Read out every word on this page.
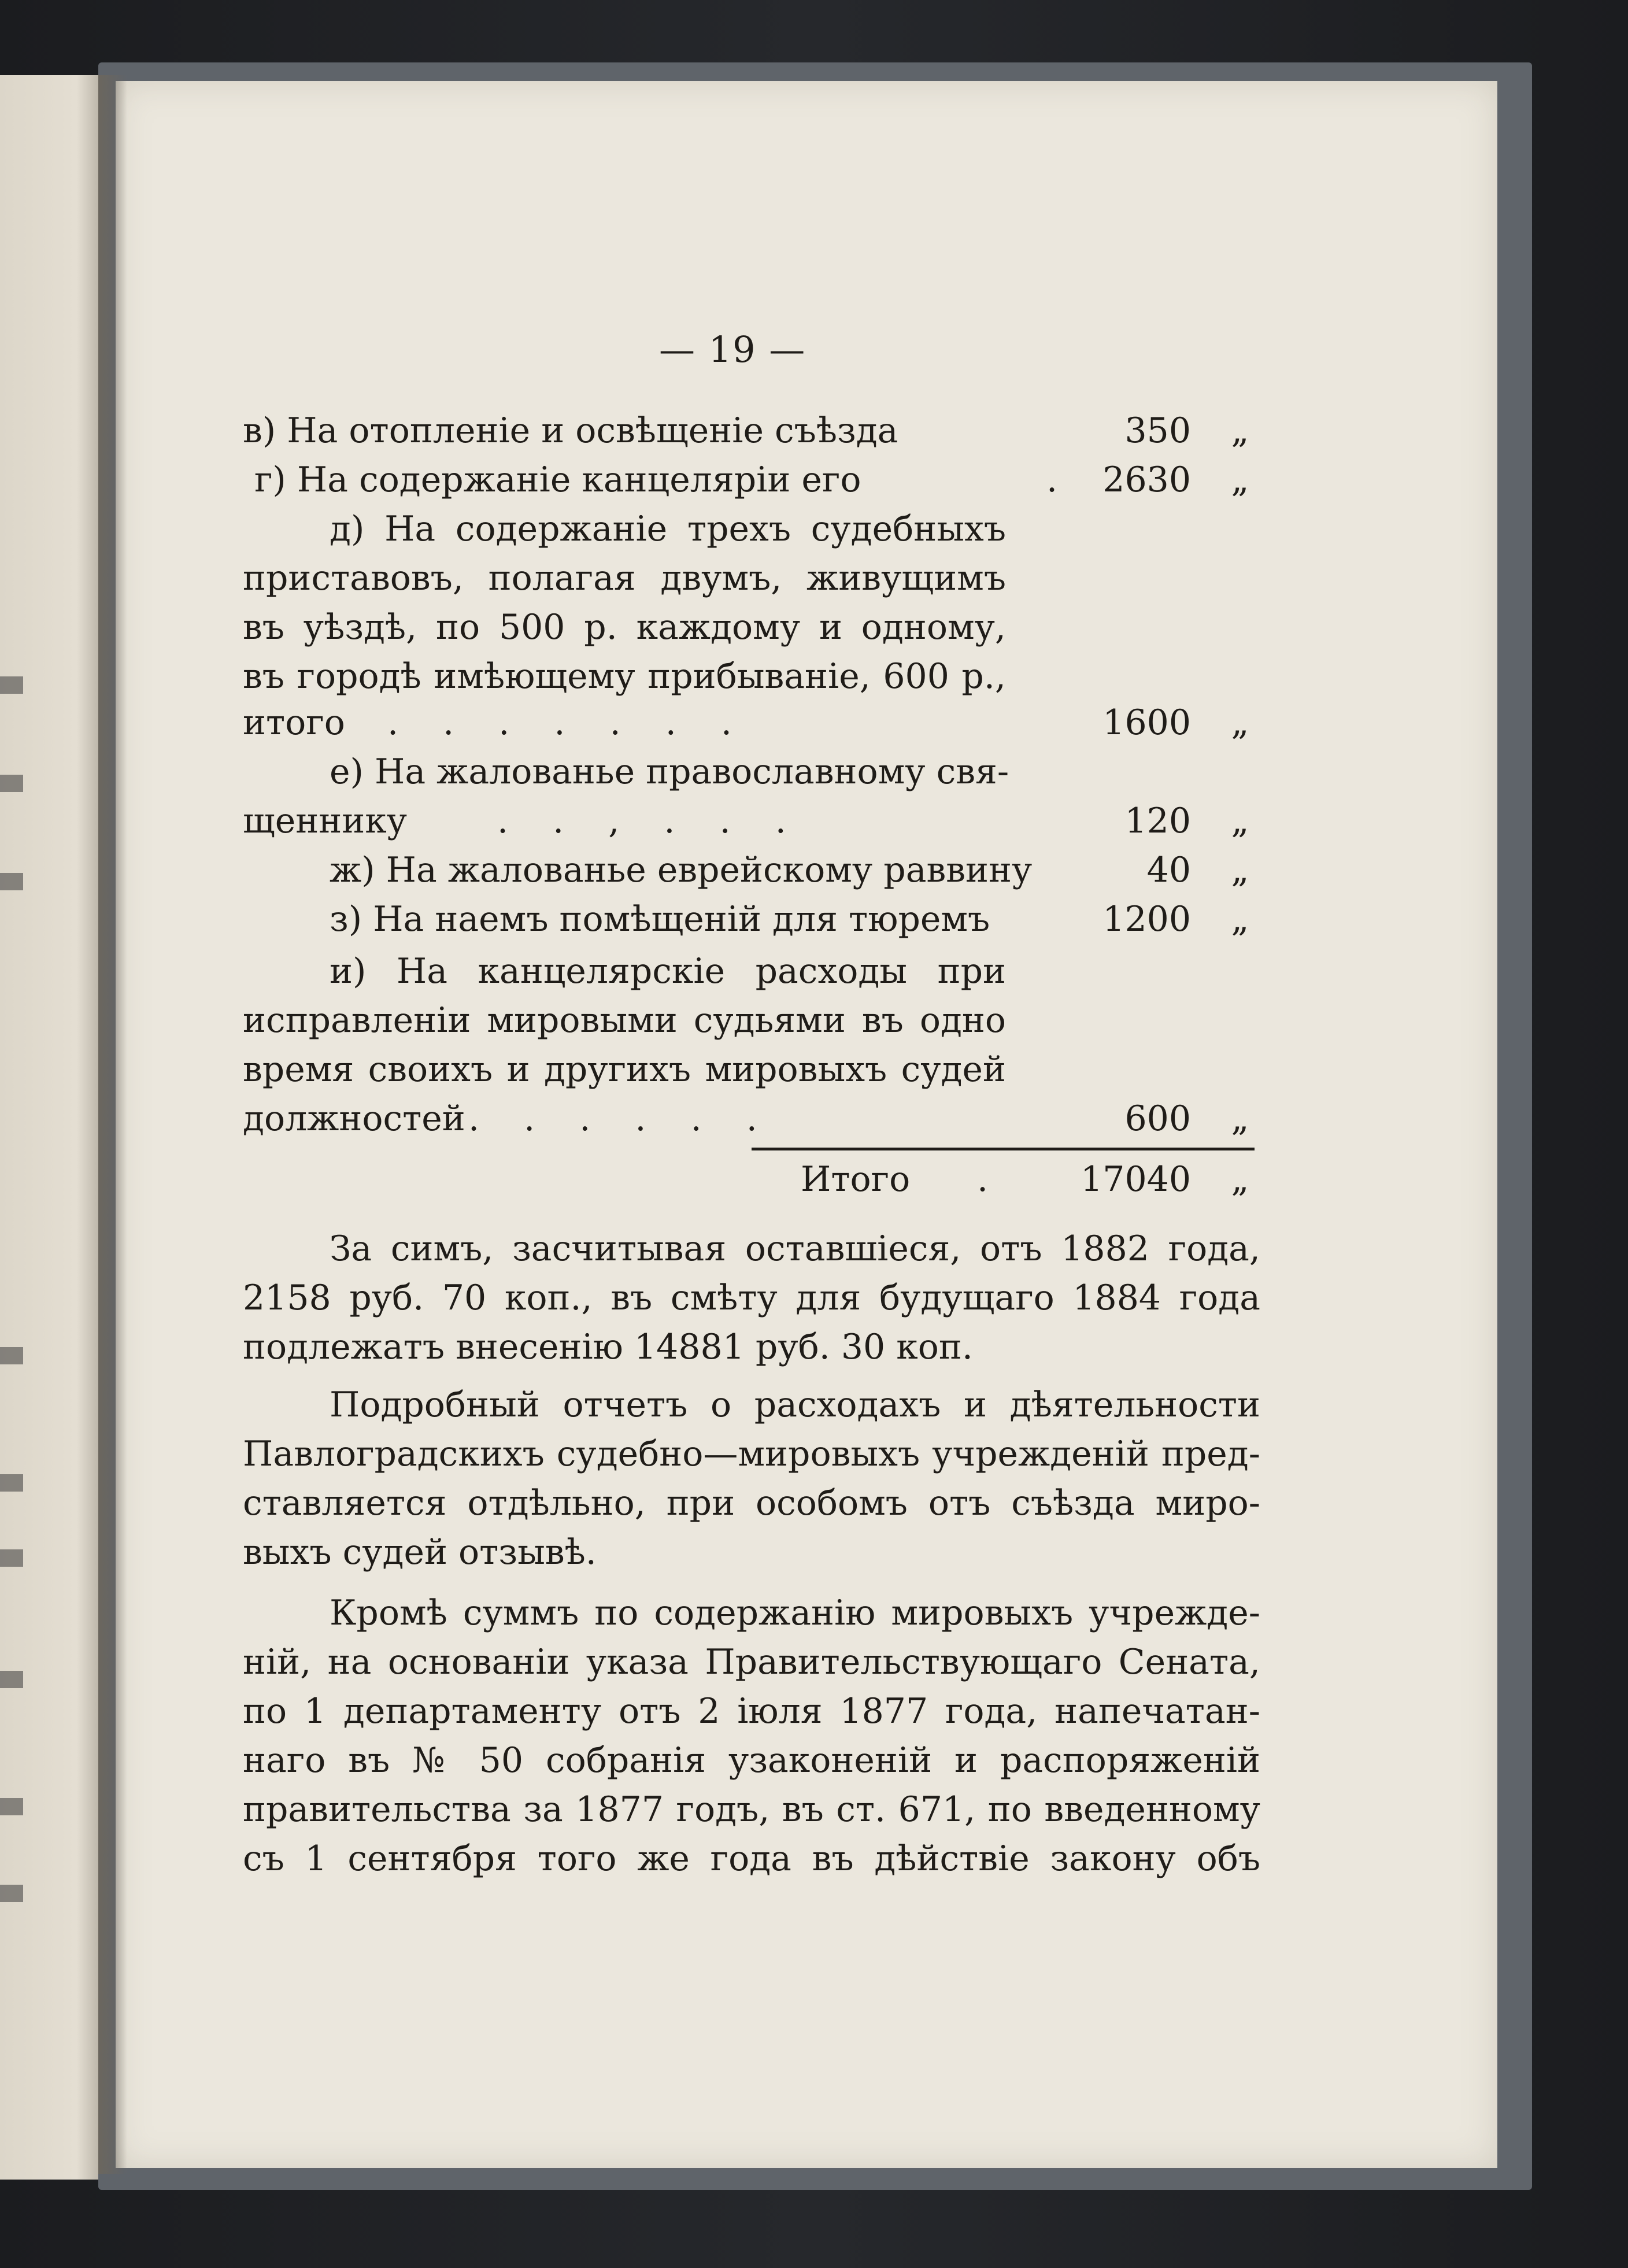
— 19 —
в) На отопленіе и освѣщеніе съѣзда	350	„
г) На содержаніе канцеляріи его	.	2630	„
д) На содержаніе трехъ судебныхъ
приставовъ, полагая двумъ, живущимъ
въ уѣздѣ, по 500 р. каждому и одному,
въ городѣ имѣющему прибываніе, 600 р.,
итого . . . . . . .	1600	„
е) На жалованье православному свя-
щеннику	. . , . . .	120	„
ж) На жалованье еврейскому раввину	40	„
з) На наемъ помѣщеній для тюремъ	1200	„
и) На канцелярскіе расходы при
исправленіи мировыми судьями въ одно
время своихъ и другихъ мировыхъ судей
должностей . . . . . .	600	„
Итого .	17040	„
За симъ, засчитывая оставшіеся, отъ 1882 года,
2158 руб. 70 коп., въ смѣту для будущаго 1884 года
подлежатъ внесенію 14881 руб. 30 коп.
Подробный отчетъ о расходахъ и дѣятельности
Павлоградскихъ судебно—мировыхъ учрежденій пред-
ставляется отдѣльно, при особомъ отъ съѣзда миро-
выхъ судей отзывѣ.
Кромѣ суммъ по содержанію мировыхъ учрежде-
ній, на основаніи указа Правительствующаго Сената,
по 1 департаменту отъ 2 іюля 1877 года, напечатан-
наго въ № 50 собранія узаконеній и распоряженій
правительства за 1877 годъ, въ ст. 671, по введенному
съ 1 сентября того же года въ дѣйствіе закону объ
